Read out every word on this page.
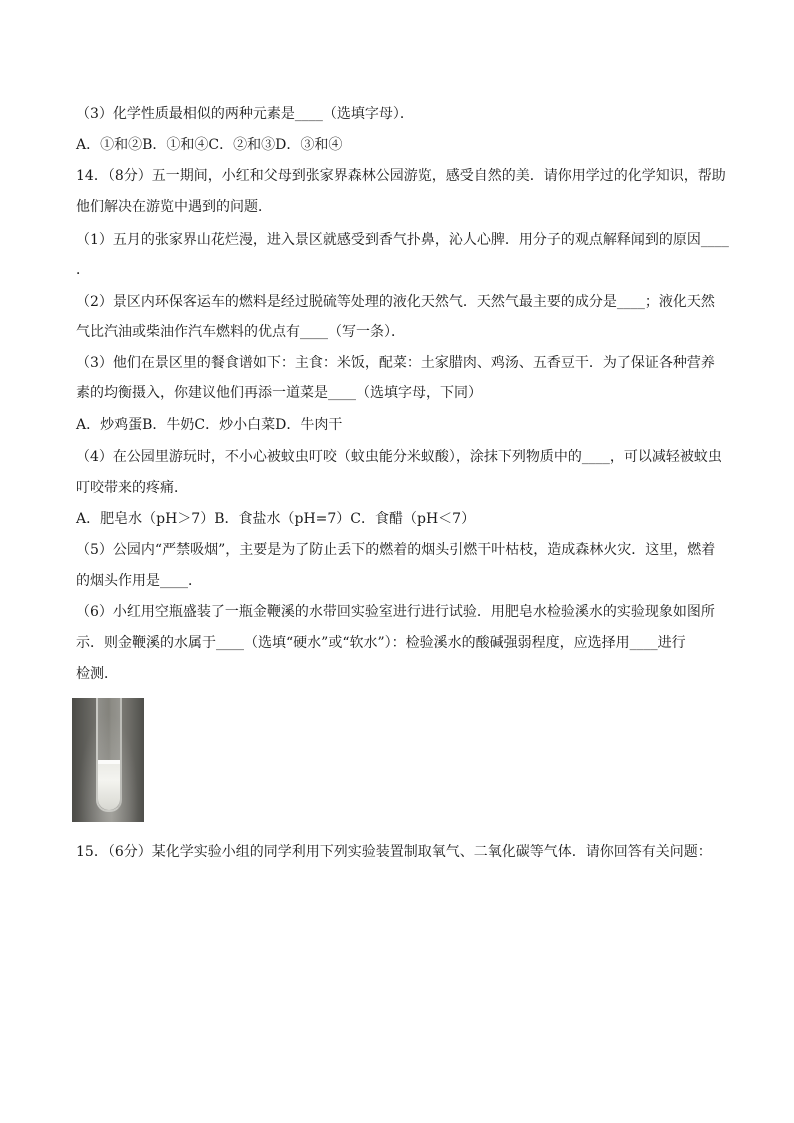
（3）化学性质最相似的两种元素是____（选填字母）．
A．①和②B．①和④C．②和③D．③和④
14．（8分）五一期间，小红和父母到张家界森林公园游览，感受自然的美．请你用学过的化学知识，帮助
他们解决在游览中遇到的问题．
（1）五月的张家界山花烂漫，进入景区就感受到香气扑鼻，沁人心脾．用分子的观点解释闻到的原因____
．
（2）景区内环保客运车的燃料是经过脱硫等处理的液化天然气．天然气最主要的成分是____；液化天然
气比汽油或柴油作汽车燃料的优点有____（写一条）．
（3）他们在景区里的餐食谱如下：主食：米饭，配菜：土家腊肉、鸡汤、五香豆干．为了保证各种营养
素的均衡摄入，你建议他们再添一道菜是____（选填字母，下同）
A．炒鸡蛋B．牛奶C．炒小白菜D．牛肉干
（4）在公园里游玩时，不小心被蚊虫叮咬（蚊虫能分米蚁酸），涂抹下列物质中的____，可以减轻被蚊虫
叮咬带来的疼痛．
A．肥皂水（pH＞7）B．食盐水（pH=7）C．食醋（pH＜7）
（5）公园内“严禁吸烟”，主要是为了防止丢下的燃着的烟头引燃干叶枯枝，造成森林火灾．这里，燃着
的烟头作用是____．
（6）小红用空瓶盛装了一瓶金鞭溪的水带回实验室进行进行试验．用肥皂水检验溪水的实验现象如图所
示．则金鞭溪的水属于____（选填“硬水”或“软水”）：检验溪水的酸碱强弱程度，应选择用____进行
检测．
15．（6分）某化学实验小组的同学利用下列实验装置制取氧气、二氧化碳等气体．请你回答有关问题：
